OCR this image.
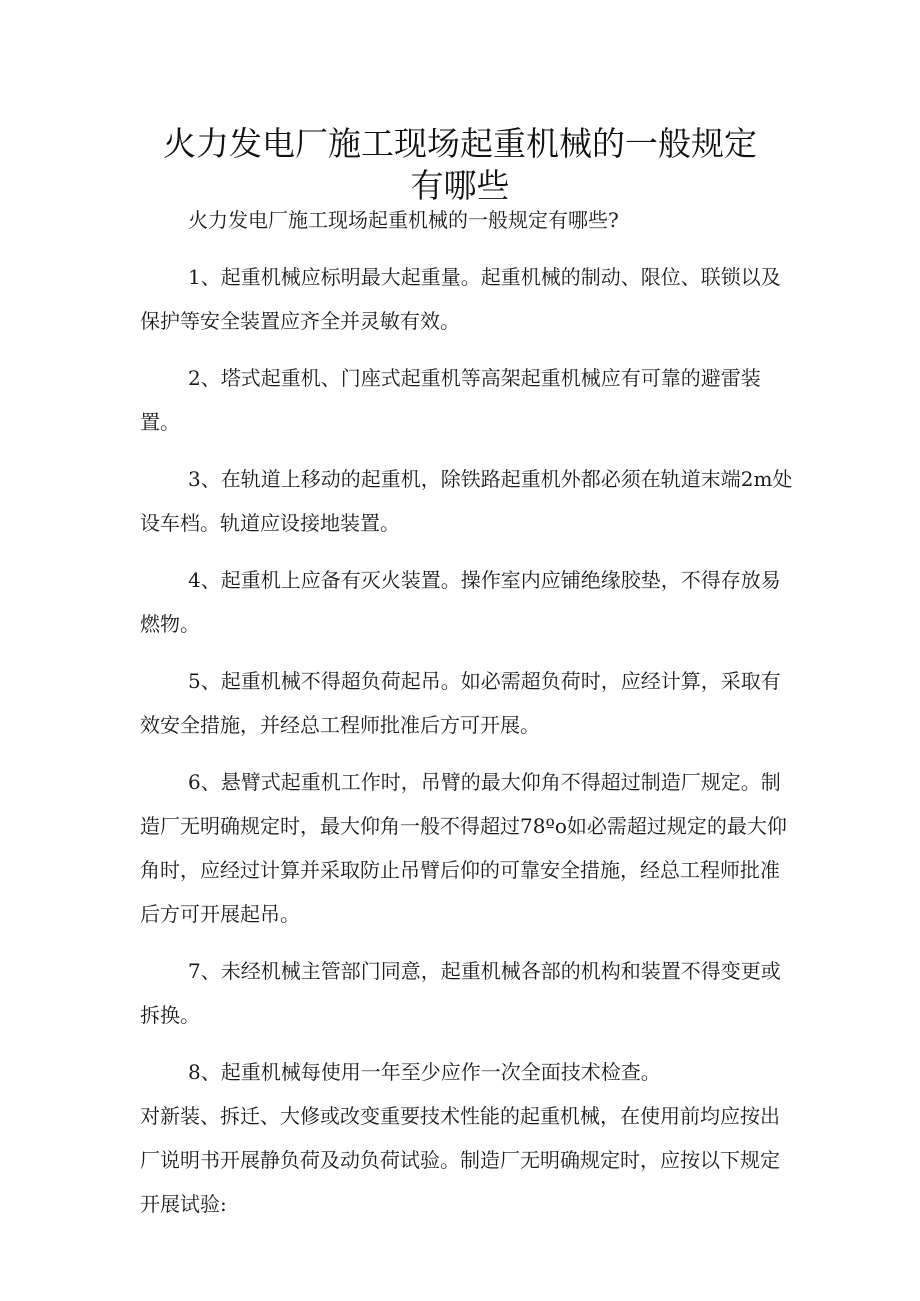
火力发电厂施工现场起重机械的一般规定
有哪些

火力发电厂施工现场起重机械的一般规定有哪些?

1、起重机械应标明最大起重量。起重机械的制动、限位、联锁以及保护等安全装置应齐全并灵敏有效。

2、塔式起重机、门座式起重机等高架起重机械应有可靠的避雷装置。

3、在轨道上移动的起重机，除铁路起重机外都必须在轨道末端2m处设车档。轨道应设接地装置。

4、起重机上应备有灭火装置。操作室内应铺绝缘胶垫，不得存放易燃物。

5、起重机械不得超负荷起吊。如必需超负荷时，应经计算，采取有效安全措施，并经总工程师批准后方可开展。

6、悬臂式起重机工作时，吊臂的最大仰角不得超过制造厂规定。制造厂无明确规定时，最大仰角一般不得超过78ºo如必需超过规定的最大仰角时，应经过计算并采取防止吊臂后仰的可靠安全措施，经总工程师批准后方可开展起吊。

7、未经机械主管部门同意，起重机械各部的机构和装置不得变更或拆换。

8、起重机械每使用一年至少应作一次全面技术检查。

对新装、拆迁、大修或改变重要技术性能的起重机械，在使用前均应按出厂说明书开展静负荷及动负荷试验。制造厂无明确规定时，应按以下规定开展试验:
